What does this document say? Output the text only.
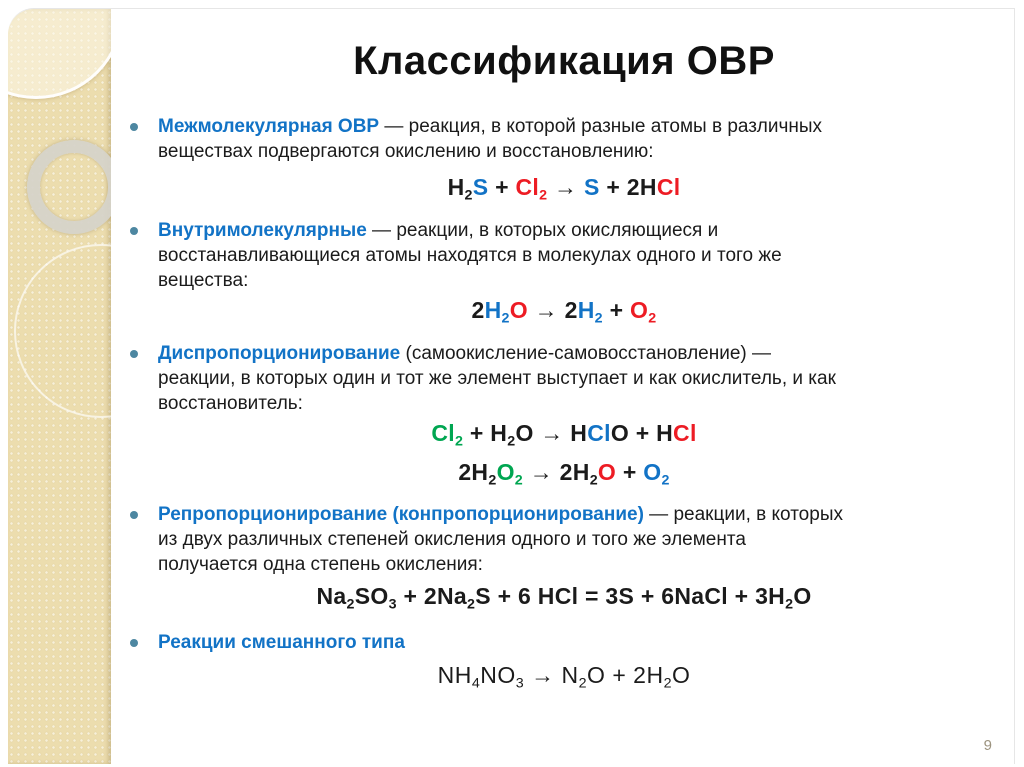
Классификация ОВР
Межмолекулярная ОВР — реакция, в которой разные атомы в различных
веществах подвергаются окислению и восстановлению:
$H_2S + Cl_2 \to S + 2HCl$
Внутримолекулярные — реакции, в которых окисляющиеся и
восстанавливающиеся атомы находятся в молекулах одного и того же
вещества:
$2H_2O \to 2H_2 + O_2$
Диспропорционирование (самоокисление-самовосстановление) —
реакции, в которых один и тот же элемент выступает и как окислитель, и как
восстановитель:
$Cl_2 + H_2O$ → HClO + HCl
$2H_2O_2 \to 2H_2O + O_2$
Репропорционирование (конпропорционирование) — реакции, в которых
из двух различных степеней окисления одного и того же элемента
получается одна степень окисления:
$Na_2SO_3 + 2Na_2S + 6$ HCl = 3S + 6NaCl + $3H_2O$
Реакции смешанного типа
$NH_4NO_3 \to N_2O + 2H_2O$
9
